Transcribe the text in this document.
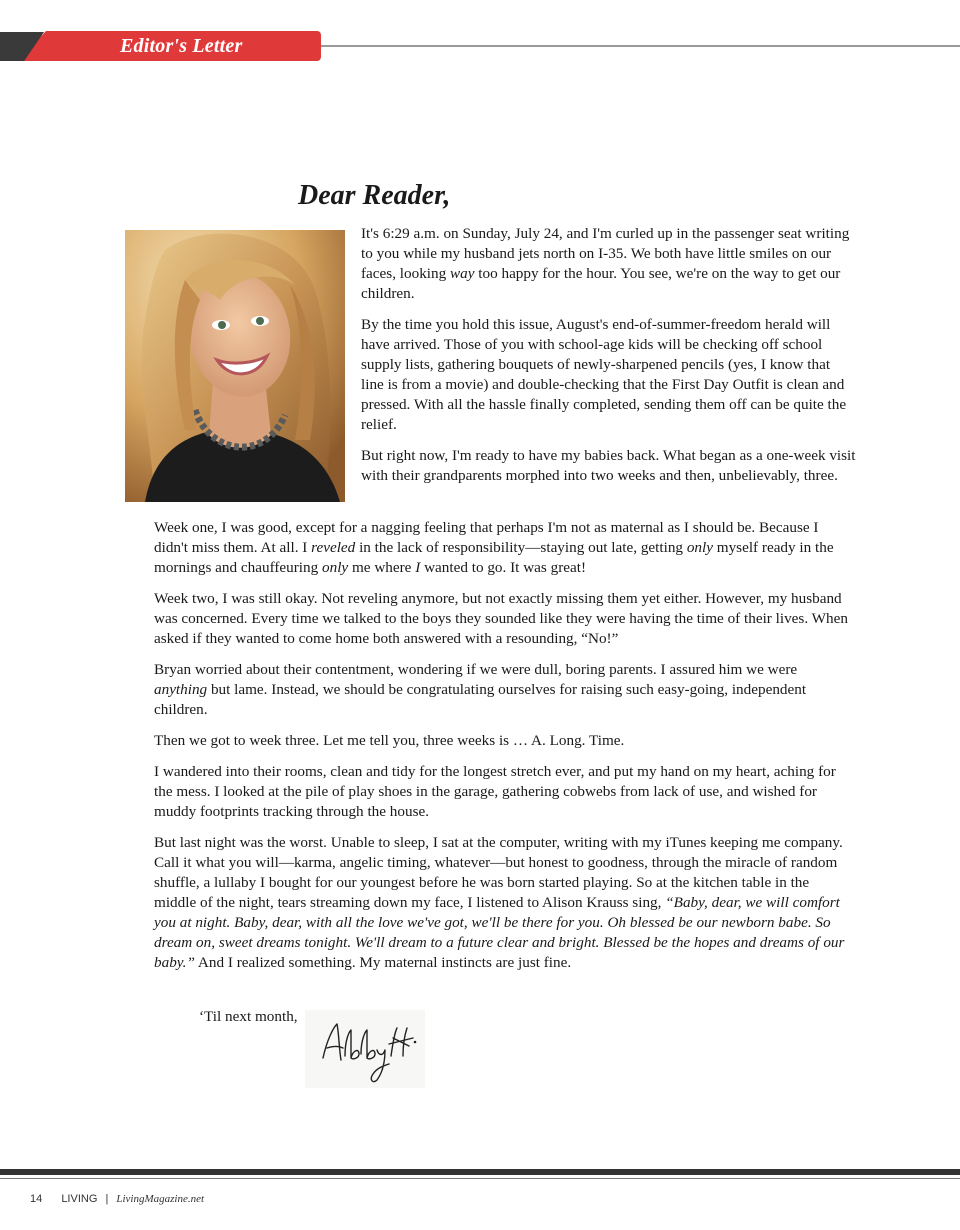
Editor's Letter
Dear Reader,

It's 6:29 a.m. on Sunday, July 24, and I'm curled up in the passenger seat writing to you while my husband jets north on I-35. We both have little smiles on our faces, looking way too happy for the hour. You see, we're on the way to get our children.

By the time you hold this issue, August's end-of-summer-freedom herald will have arrived. Those of you with school-age kids will be checking off school supply lists, gathering bouquets of newly-sharpened pencils (yes, I know that line is from a movie) and double-checking that the First Day Outfit is clean and pressed. With all the hassle finally completed, sending them off can be quite the relief.

But right now, I'm ready to have my babies back. What began as a one-week visit with their grandparents morphed into two weeks and then, unbelievably, three.

Week one, I was good, except for a nagging feeling that perhaps I'm not as maternal as I should be. Because I didn't miss them. At all. I reveled in the lack of responsibility—staying out late, getting only myself ready in the mornings and chauffeuring only me where I wanted to go. It was great!

Week two, I was still okay. Not reveling anymore, but not exactly missing them yet either. However, my husband was concerned. Every time we talked to the boys they sounded like they were having the time of their lives. When asked if they wanted to come home both answered with a resounding, “No!”

Bryan worried about their contentment, wondering if we were dull, boring parents. I assured him we were anything but lame. Instead, we should be congratulating ourselves for raising such easy-going, independent children.

Then we got to week three. Let me tell you, three weeks is … A. Long. Time.

I wandered into their rooms, clean and tidy for the longest stretch ever, and put my hand on my heart, aching for the mess. I looked at the pile of play shoes in the garage, gathering cobwebs from lack of use, and wished for muddy footprints tracking through the house.

But last night was the worst. Unable to sleep, I sat at the computer, writing with my iTunes keeping me company. Call it what you will—karma, angelic timing, whatever—but honest to goodness, through the miracle of random shuffle, a lullaby I bought for our youngest before he was born started playing. So at the kitchen table in the middle of the night, tears streaming down my face, I listened to Alison Krauss sing, “Baby, dear, we will comfort you at night. Baby, dear, with all the love we've got, we'll be there for you. Oh blessed be our newborn babe. So dream on, sweet dreams tonight. We'll dream to a future clear and bright. Blessed be the hopes and dreams of our baby.” And I realized something. My maternal instincts are just fine.

‘Til next month,
14 LIVING | LivingMagazine.net
